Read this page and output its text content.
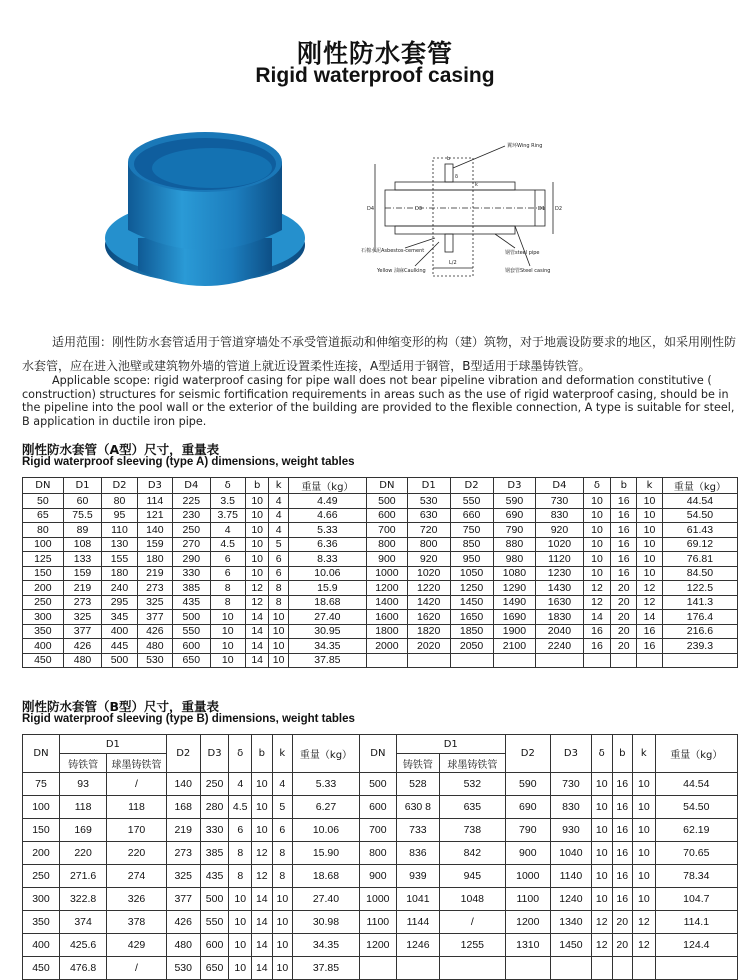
刚性防水套管
Rigid waterproof casing
翼环Wing Ring
钢管steel pipe
钢套管Steel casing
石棉水泥Asbestos-cement
Yellow 油麻Caulking
L/2
D4	D1 D2
D3
δ
b
k
适用范围：刚性防水套管适用于管道穿墙处不承受管道振动和伸缩变形的构（建）筑物，对于地震设防要求的地区，如采用刚性防水套管，应在进入池壁或建筑物外墙的管道上就近设置柔性连接，A型适用于钢管，B型适用于球墨铸铁管。
Applicable scope: rigid waterproof casing for pipe wall does not bear pipeline vibration and deformation constitutive ( construction) structures for seismic fortification requirements in areas such as the use of rigid waterproof casing, should be in the pipeline into the pool wall or the exterior of the building are provided to the flexible connection, A type is suitable for steel, B application in ductile iron pipe.
刚性防水套管（A型）尺寸，重量表
Rigid waterproof sleeving (type A) dimensions, weight tables
DN	D1	D2	D3	D4	δ	b	k	重量（kg）	DN	D1	D2	D3	D4	δ	b	k	重量（kg）
50	60	80	114	225	3.5	10	4	4.49	500	530	550	590	730	10	16	10	44.54
65	75.5	95	121	230	3.75	10	4	4.66	600	630	660	690	830	10	16	10	54.50
80	89	110	140	250	4	10	4	5.33	700	720	750	790	920	10	16	10	61.43
100	108	130	159	270	4.5	10	5	6.36	800	800	850	880	1020	10	16	10	69.12
125	133	155	180	290	6	10	6	8.33	900	920	950	980	1120	10	16	10	76.81
150	159	180	219	330	6	10	6	10.06	1000	1020	1050	1080	1230	10	16	10	84.50
200	219	240	273	385	8	12	8	15.9	1200	1220	1250	1290	1430	12	20	12	122.5
250	273	295	325	435	8	12	8	18.68	1400	1420	1450	1490	1630	12	20	12	141.3
300	325	345	377	500	10	14	10	27.40	1600	1620	1650	1690	1830	14	20	14	176.4
350	377	400	426	550	10	14	10	30.95	1800	1820	1850	1900	2040	16	20	16	216.6
400	426	445	480	600	10	14	10	34.35	2000	2020	2050	2100	2240	16	20	16	239.3
450	480	500	530	650	10	14	10	37.85									
刚性防水套管（B型）尺寸，重量表
Rigid waterproof sleeving (type B) dimensions, weight tables
DN	D1		D2	D3	δ	b	k	重量（kg）	DN	D1		D2	D3	δ	b	k	重量（kg）
	铸铁管	球墨铸铁管								铸铁管	球墨铸铁管						
75	93	/	140	250	4	10	4	5.33	500	528	532	590	730	10	16	10	44.54
100	118	118	168	280	4.5	10	5	6.27	600	630 8	635	690	830	10	16	10	54.50
150	169	170	219	330	6	10	6	10.06	700	733	738	790	930	10	16	10	62.19
200	220	220	273	385	8	12	8	15.90	800	836	842	900	1040	10	16	10	70.65
250	271.6	274	325	435	8	12	8	18.68	900	939	945	1000	1140	10	16	10	78.34
300	322.8	326	377	500	10	14	10	27.40	1000	1041	1048	1100	1240	10	16	10	104.7
350	374	378	426	550	10	14	10	30.98	1100	1144	/	1200	1340	12	20	12	114.1
400	425.6	429	480	600	10	14	10	34.35	1200	1246	1255	1310	1450	12	20	12	124.4
450	476.8	/	530	650	10	14	10	37.85									
